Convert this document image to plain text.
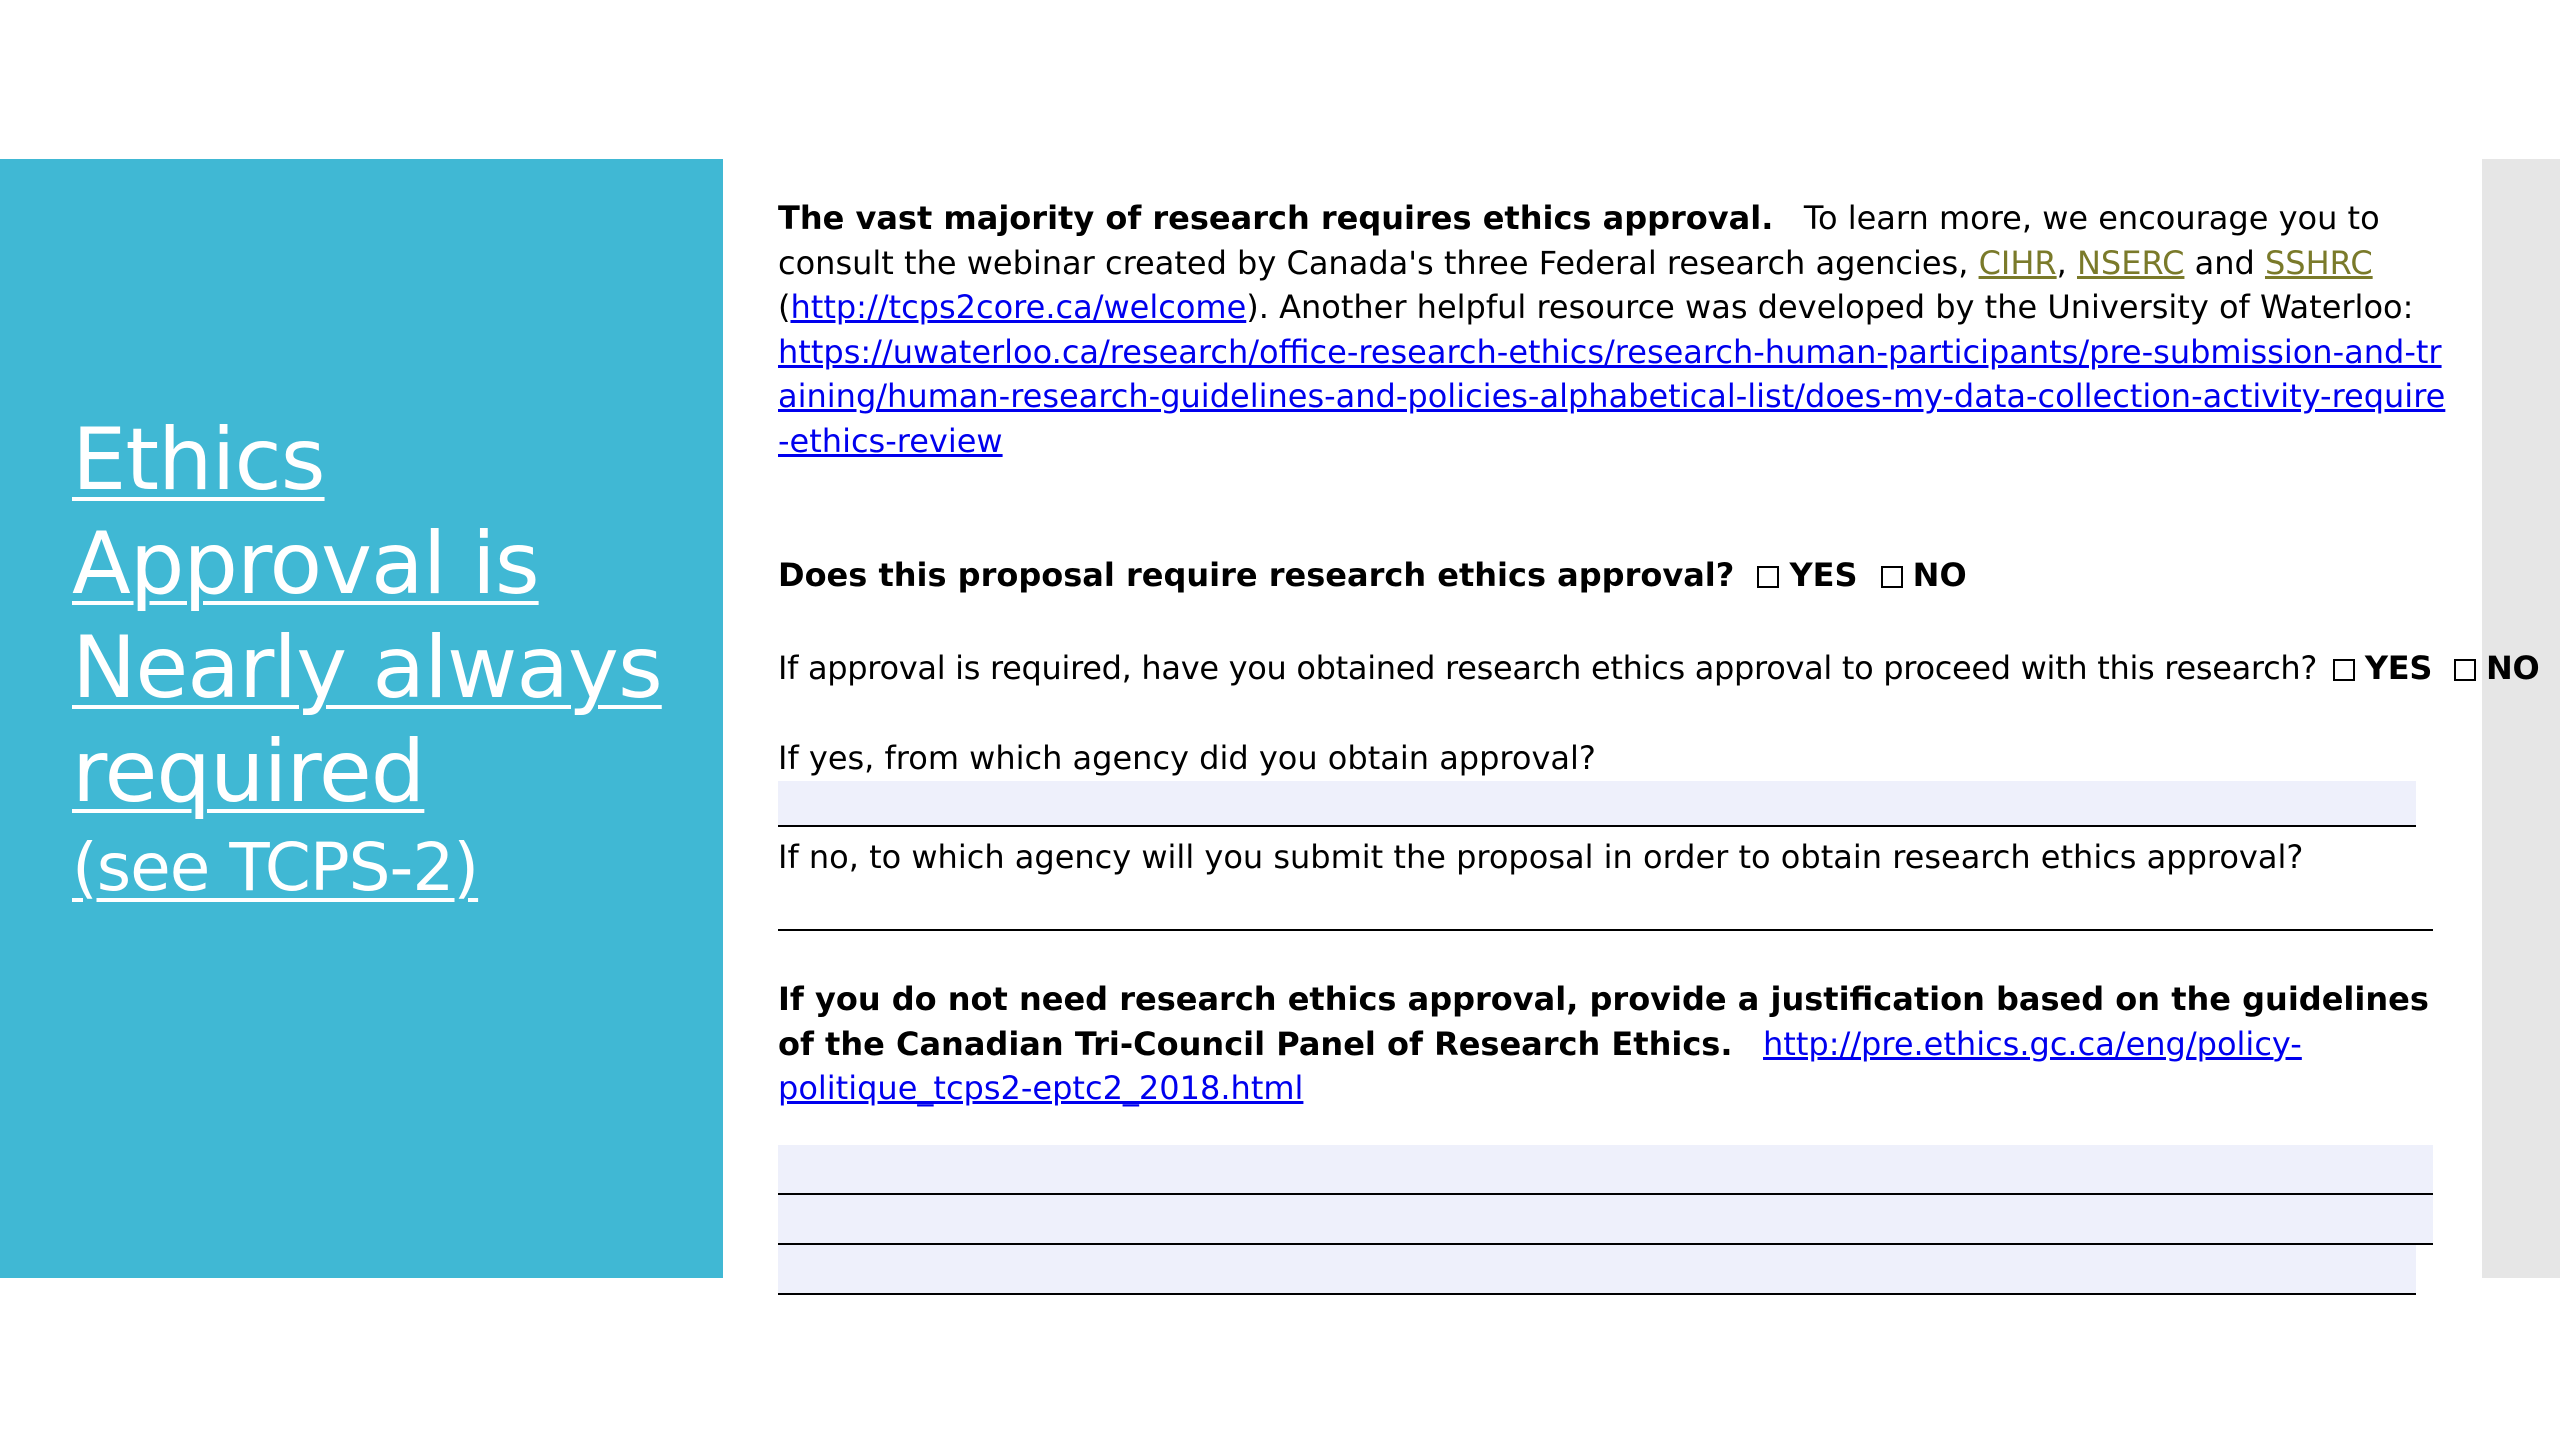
Ethics
Approval is
Nearly always
required

(see TCPS-2)

The vast majority of research requires ethics approval. To learn more, we encourage you to consult the webinar created by Canada's three Federal research agencies, CIHR, NSERC and SSHRC
(http://tcps2core.ca/welcome). Another helpful resource was developed by the University of Waterloo:
https://uwaterloo.ca/research/office-research-ethics/research-human-participants/pre-submission-and-training/human-research-guidelines-and-policies-alphabetical-list/does-my-data-collection-activity-require-ethics-review

Does this proposal require research ethics approval? YES NO

If approval is required, have you obtained research ethics approval to proceed with this research? YES NO

If yes, from which agency did you obtain approval?

If no, to which agency will you submit the proposal in order to obtain research ethics approval?

If you do not need research ethics approval, provide a justification based on the guidelines of the Canadian Tri-Council Panel of Research Ethics. http://pre.ethics.gc.ca/eng/policy-politique_tcps2-eptc2_2018.html
